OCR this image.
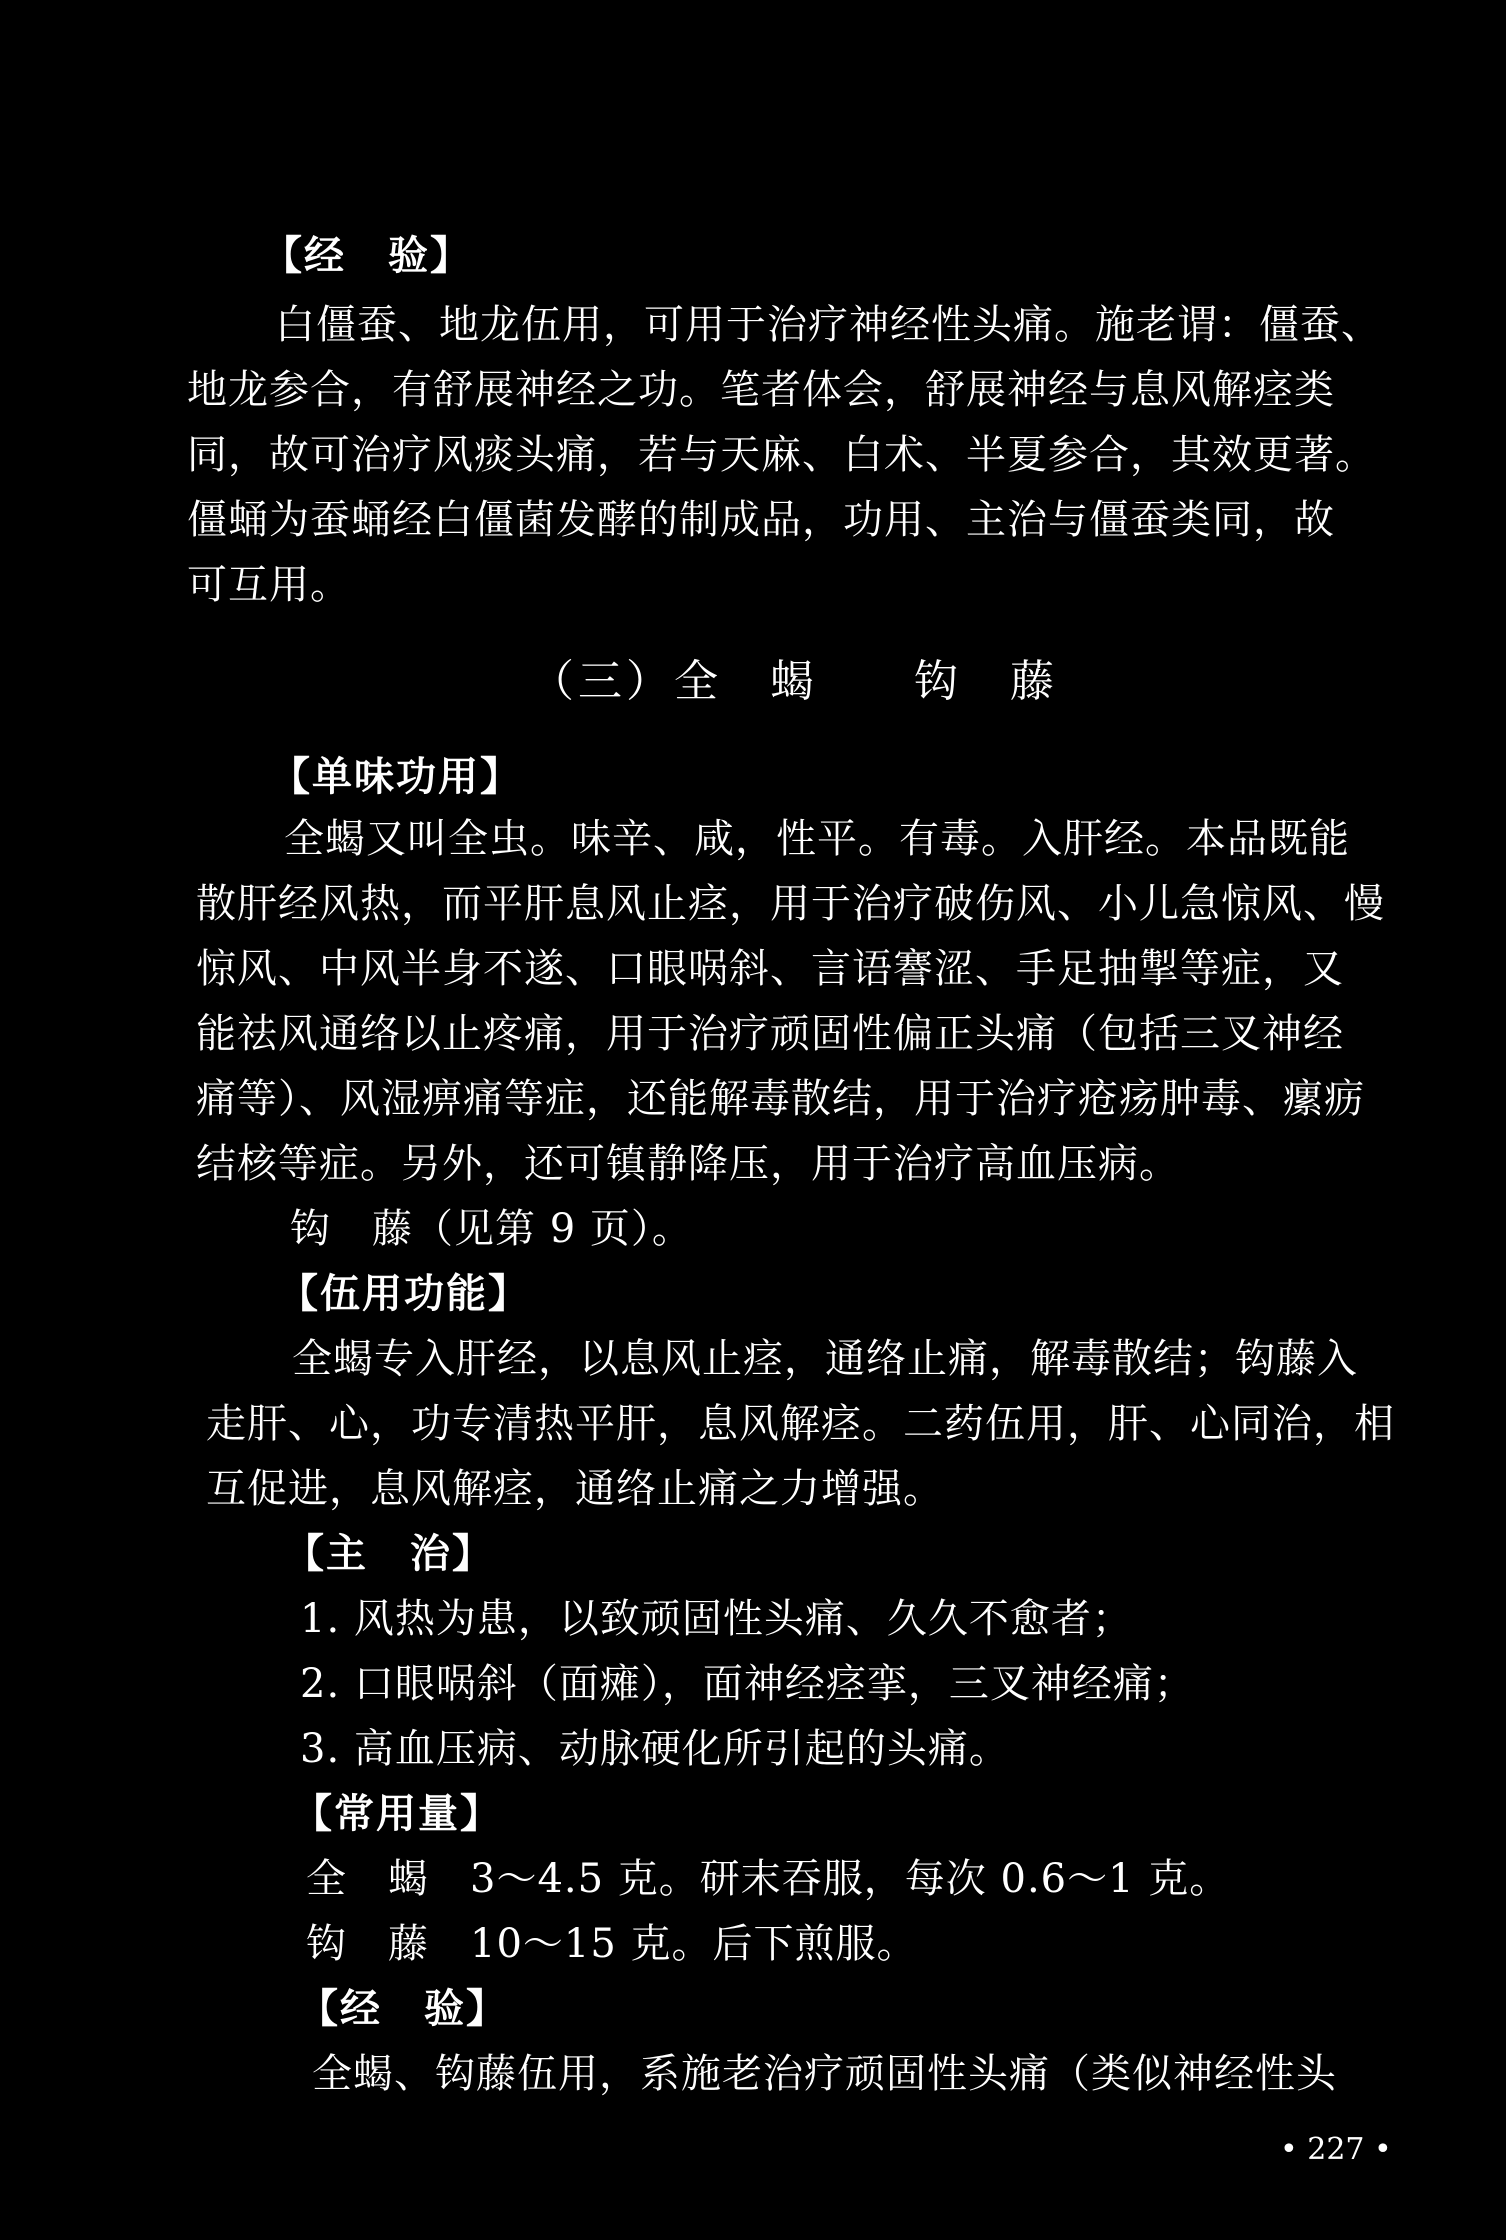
【经　验】
白僵蚕、地龙伍用，可用于治疗神经性头痛。施老谓：僵蚕、
地龙参合，有舒展神经之功。笔者体会，舒展神经与息风解痉类
同，故可治疗风痰头痛，若与天麻、白术、半夏参合，其效更著。
僵蛹为蚕蛹经白僵菌发酵的制成品，功用、主治与僵蚕类同，故
可互用。
（三）全　蝎　　钩　藤
【单味功用】
全蝎又叫全虫。味辛、咸，性平。有毒。入肝经。本品既能
散肝经风热，而平肝息风止痉，用于治疗破伤风、小儿急惊风、慢
惊风、中风半身不遂、口眼㖞斜、言语謇涩、手足抽掣等症，又
能祛风通络以止疼痛，用于治疗顽固性偏正头痛（包括三叉神经
痛等）、风湿痹痛等症，还能解毒散结，用于治疗疮疡肿毒、瘰疬
结核等症。另外，还可镇静降压，用于治疗高血压病。
钩　藤（见第 9 页）。
【伍用功能】
全蝎专入肝经，以息风止痉，通络止痛，解毒散结；钩藤入
走肝、心，功专清热平肝，息风解痉。二药伍用，肝、心同治，相
互促进，息风解痉，通络止痛之力增强。
【主　治】
1. 风热为患，以致顽固性头痛、久久不愈者；
2. 口眼㖞斜（面瘫），面神经痉挛，三叉神经痛；
3. 高血压病、动脉硬化所引起的头痛。
【常用量】
全　蝎　3～4.5 克。研末吞服，每次 0.6～1 克。
钩　藤　10～15 克。后下煎服。
【经　验】
全蝎、钩藤伍用，系施老治疗顽固性头痛（类似神经性头
• 227 •
